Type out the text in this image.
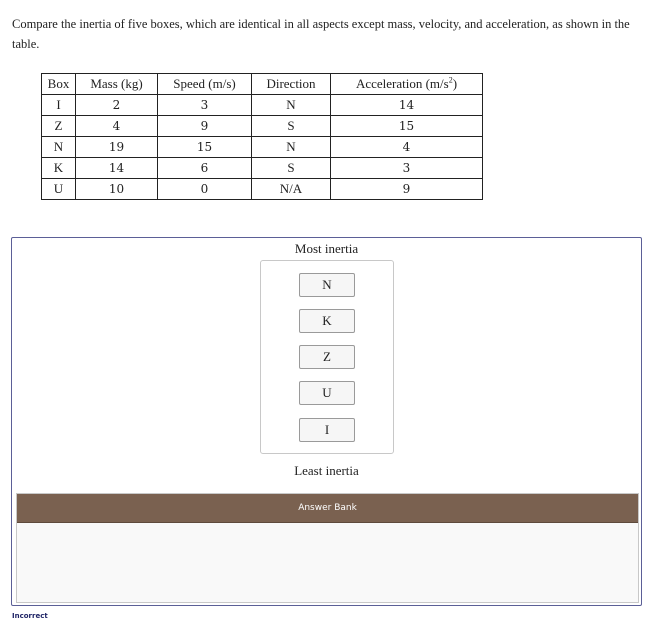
Compare the inertia of five boxes, which are identical in all aspects except mass, velocity, and acceleration, as shown in the table.
Box	Mass (kg)	Speed (m/s)	Direction	Acceleration $(m/s^2)$
I	2	3	N	14
Z	4	9	S	15
N	19	15	N	4
K	14	6	S	3
U	10	0	N/A	9
Most inertia
N
K
Z
U
I
Least inertia
Answer Bank
Incorrect
